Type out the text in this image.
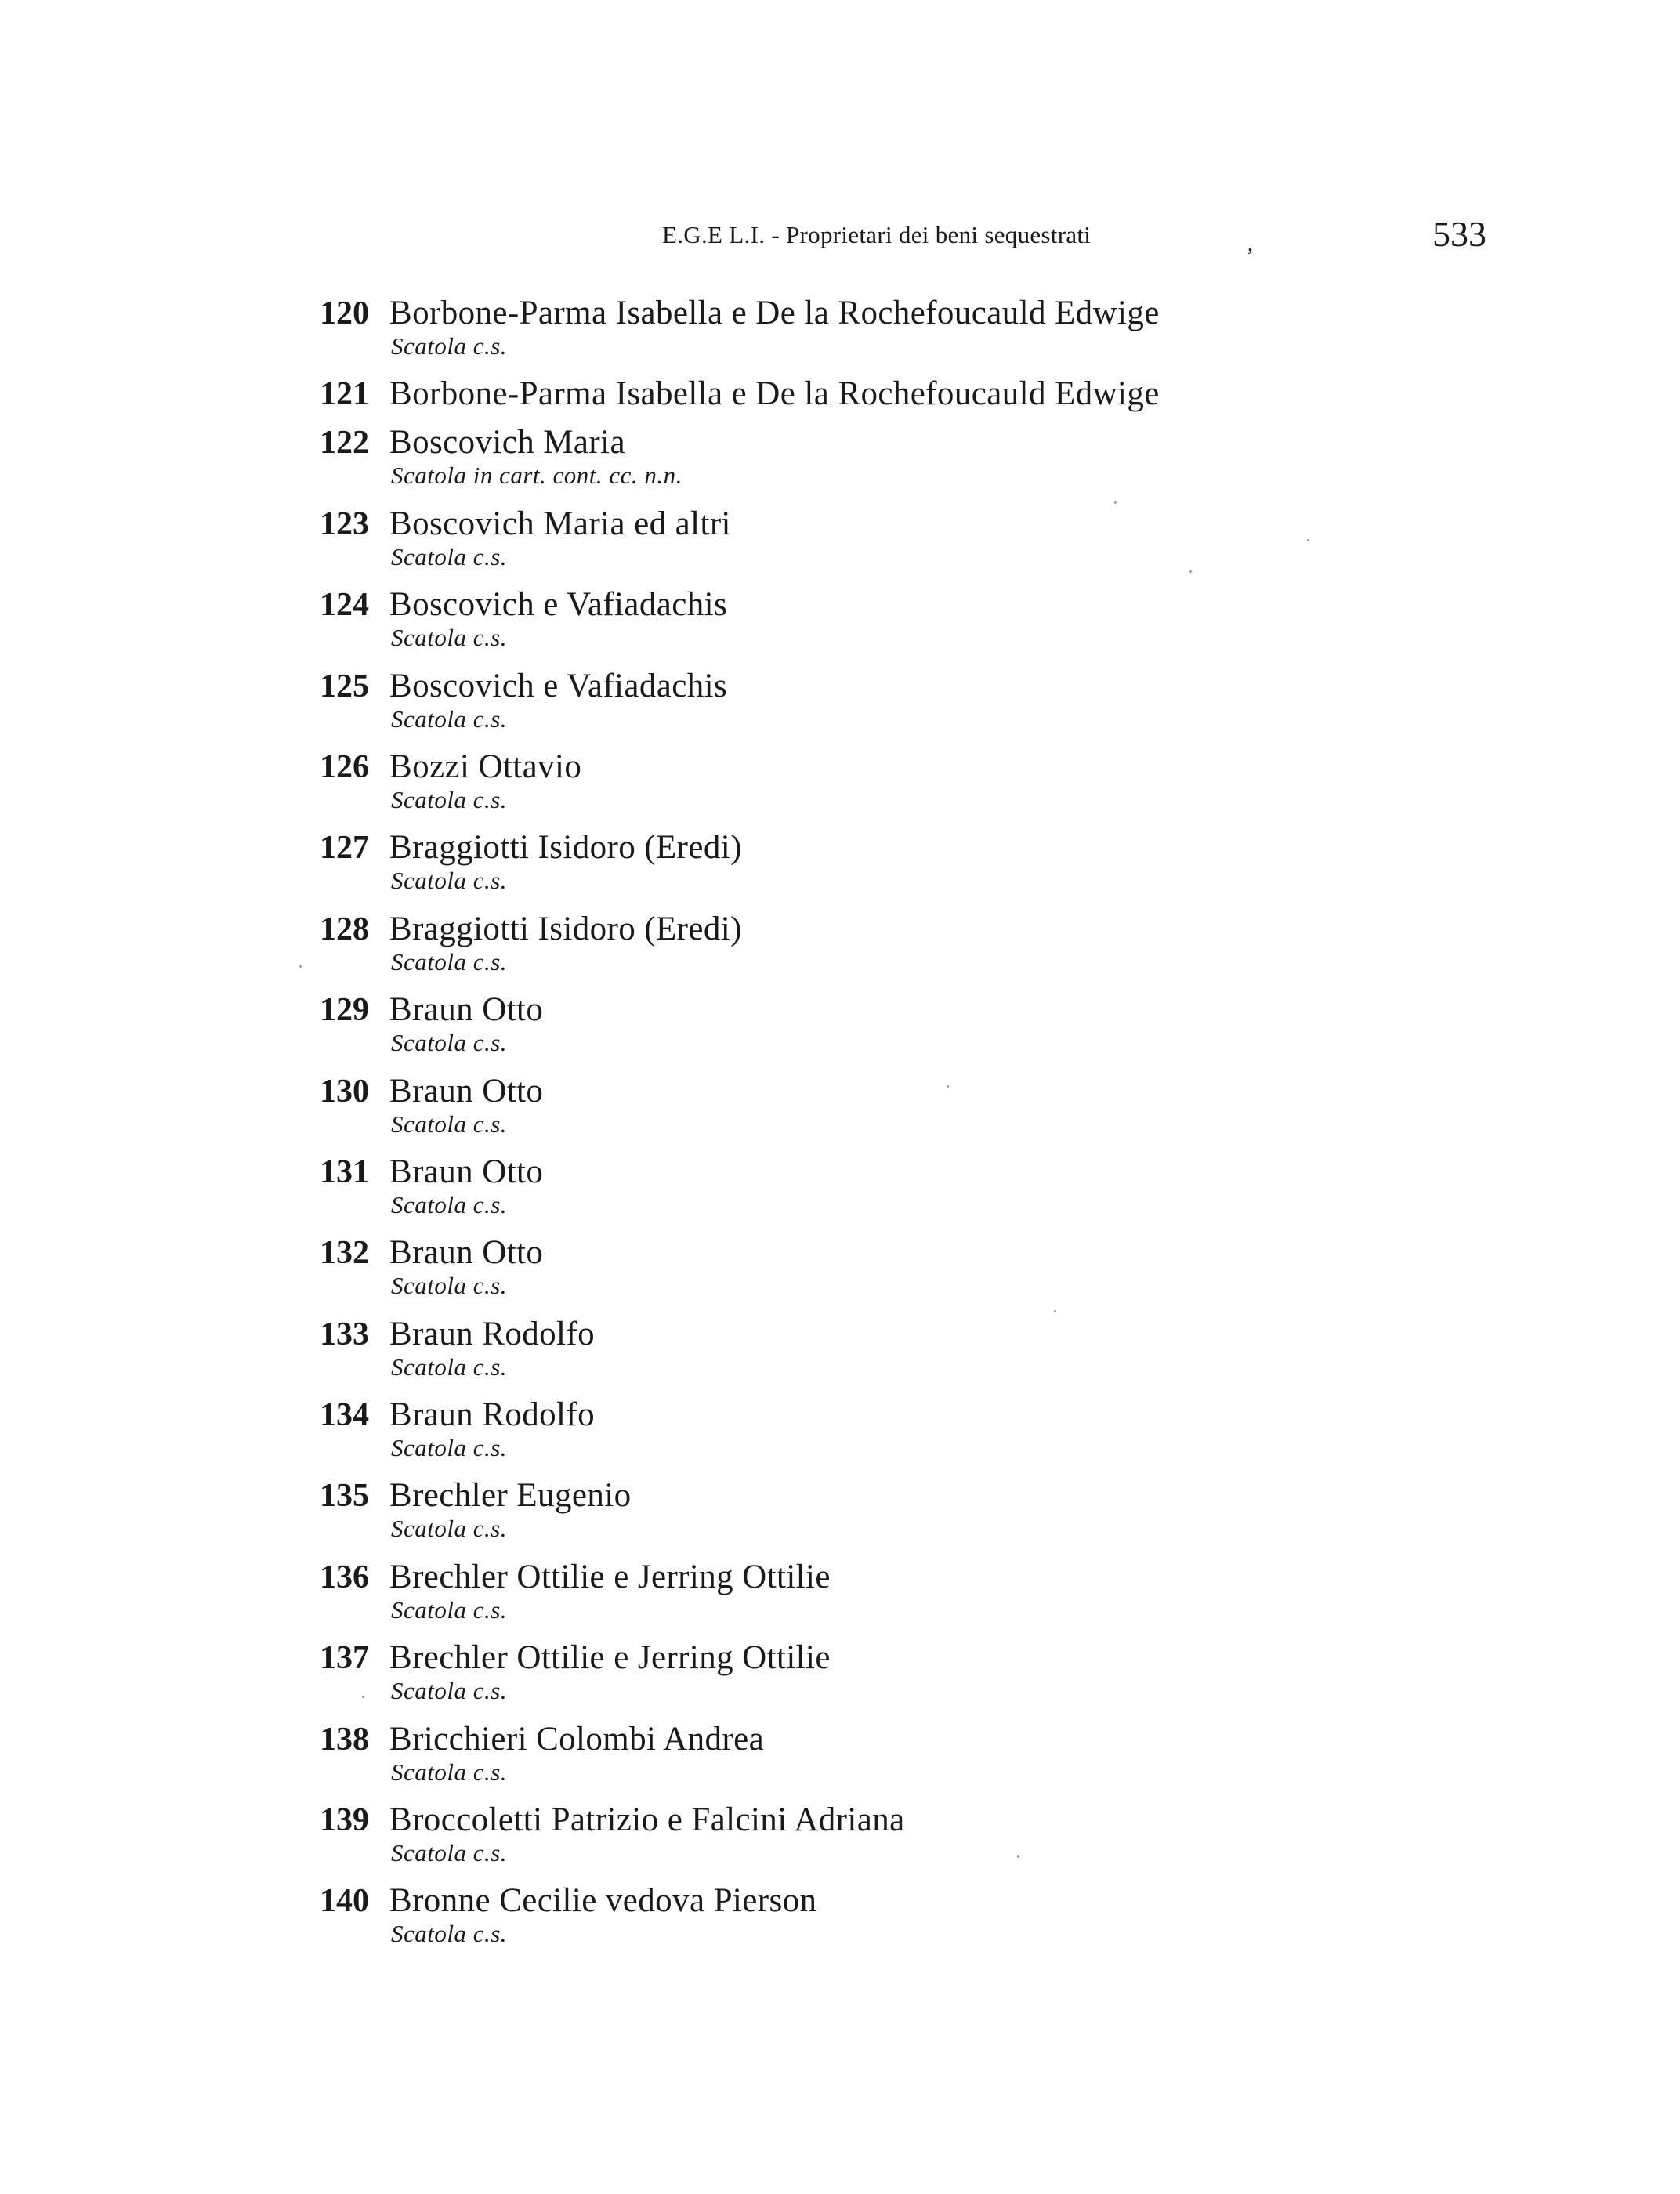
E.G.E L.I. - Proprietari dei beni sequestrati	,	533
120 Borbone-Parma Isabella e De la Rochefoucauld Edwige
Scatola c.s.
121 Borbone-Parma Isabella e De la Rochefoucauld Edwige
122 Boscovich Maria
Scatola in cart. cont. cc. n.n.
123 Boscovich Maria ed altri
Scatola c.s.
124 Boscovich e Vafiadachis
Scatola c.s.
125 Boscovich e Vafiadachis
Scatola c.s.
126 Bozzi Ottavio
Scatola c.s.
127 Braggiotti Isidoro (Eredi)
Scatola c.s.
128 Braggiotti Isidoro (Eredi)
Scatola c.s.
129 Braun Otto
Scatola c.s.
130 Braun Otto
Scatola c.s.
131 Braun Otto
Scatola c.s.
132 Braun Otto
Scatola c.s.
133 Braun Rodolfo
Scatola c.s.
134 Braun Rodolfo
Scatola c.s.
135 Brechler Eugenio
Scatola c.s.
136 Brechler Ottilie e Jerring Ottilie
Scatola c.s.
137 Brechler Ottilie e Jerring Ottilie
Scatola c.s.
138 Bricchieri Colombi Andrea
Scatola c.s.
139 Broccoletti Patrizio e Falcini Adriana
Scatola c.s.
140 Bronne Cecilie vedova Pierson
Scatola c.s.
